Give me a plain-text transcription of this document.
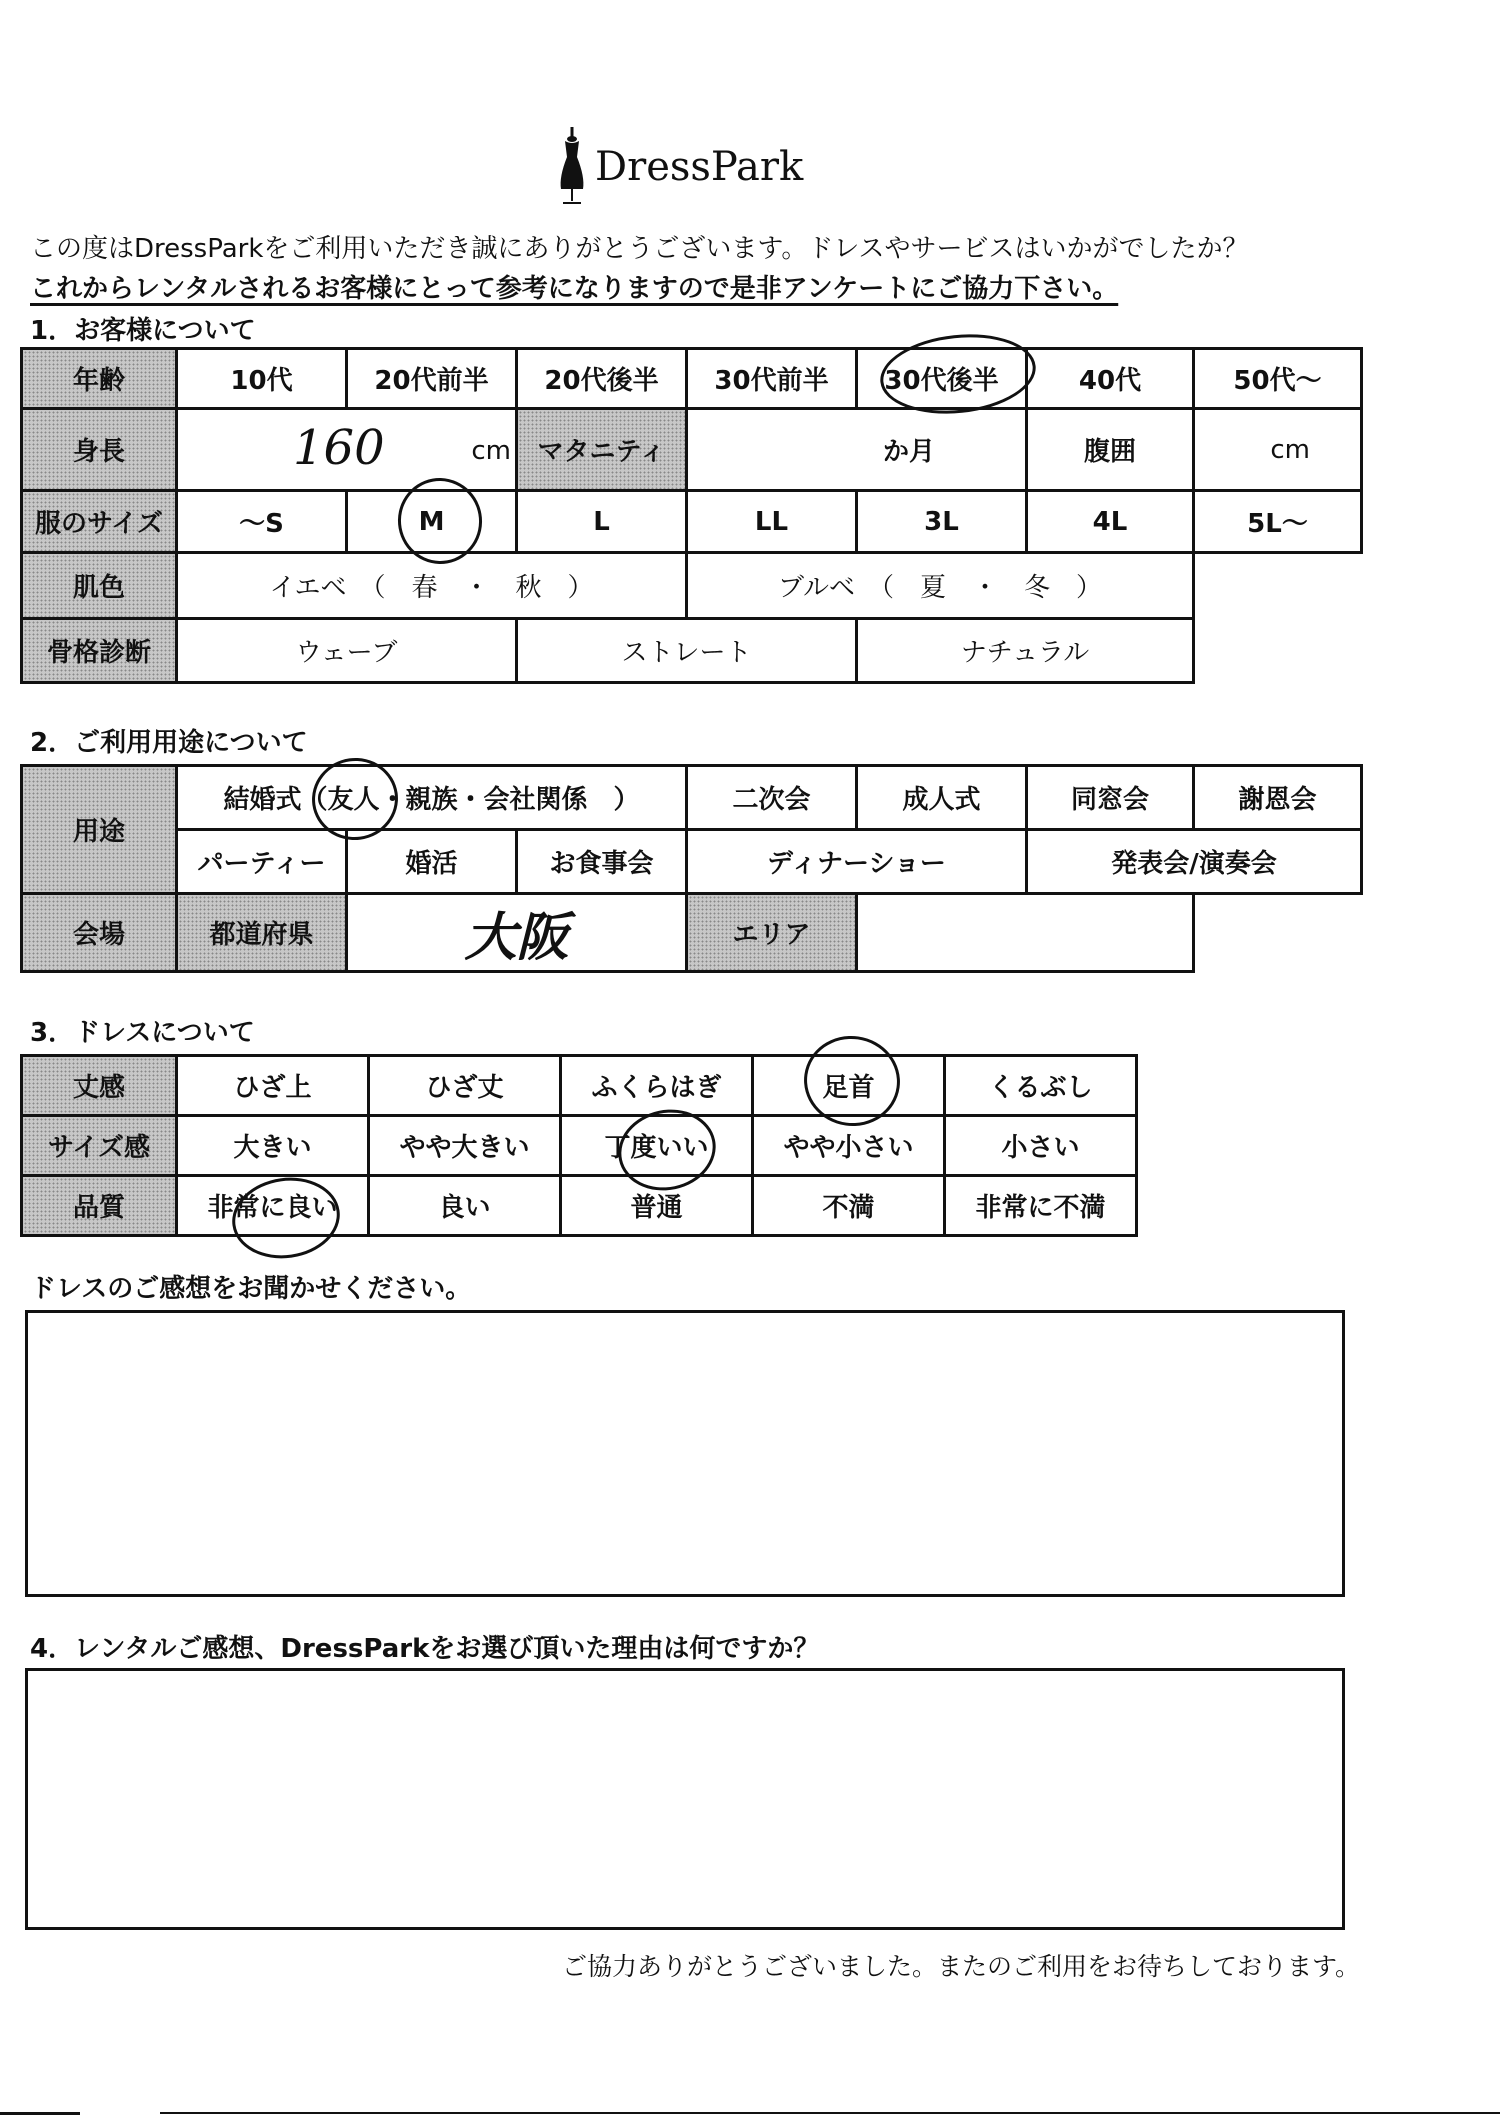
DressPark
この度はDressParkをご利用いただき誠にありがとうございます。ドレスやサービスはいかがでしたか？
これからレンタルされるお客様にとって参考になりますので是非アンケートにご協力下さい。
1．お客様について
年齢	10代	20代前半	20代後半	30代前半	30代後半	40代	50代〜
身長	160 cm		マタニティ	か月		腹囲	cm
服のサイズ	〜S	M	L	LL	3L	4L	5L〜
肌色	イエベ　（　春　・　秋　）			ブルベ　（　夏　・　冬　）			
骨格診断	ウェーブ		ストレート		ナチュラル		
2．ご利用用途について
用途	結婚式（友人・親族・会社関係　）			二次会	成人式	同窓会	謝恩会
	パーティー	婚活	お食事会	ディナーショー		発表会/演奏会	
会場	都道府県	大阪		エリア			
3．ドレスについて
丈感	ひざ上	ひざ丈	ふくらはぎ	足首	くるぶし
サイズ感	大きい	やや大きい	丁度いい	やや小さい	小さい
品質	非常に良い	良い	普通	不満	非常に不満
ドレスのご感想をお聞かせください。
4．レンタルご感想、DressParkをお選び頂いた理由は何ですか？
ご協力ありがとうございました。またのご利用をお待ちしております。
